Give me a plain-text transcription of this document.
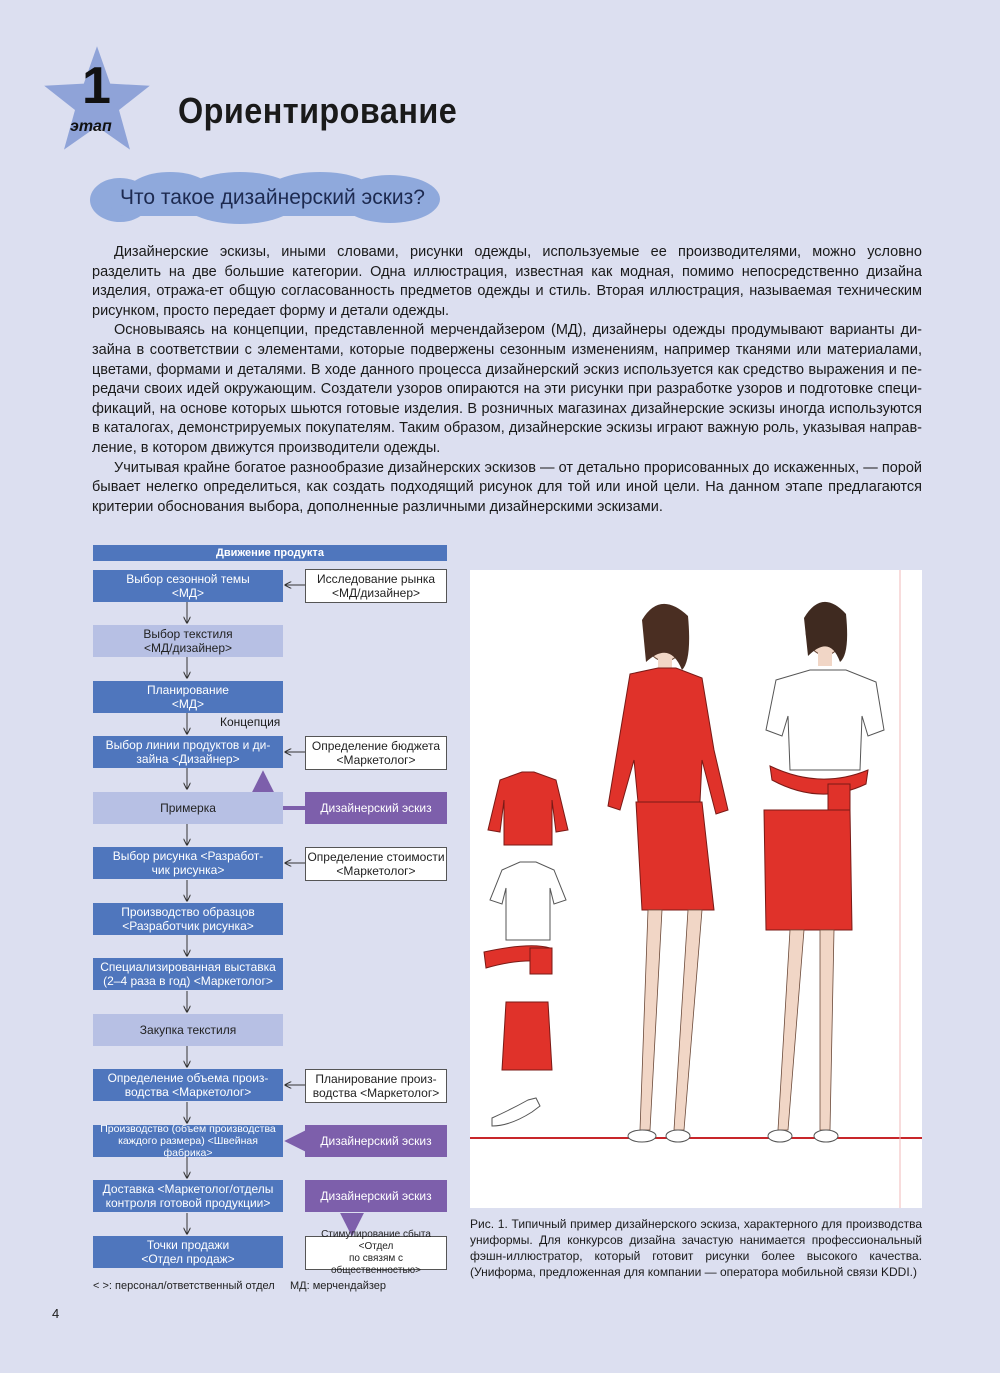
1
этап Ориентирование
Что такое дизайнерский эскиз?

Дизайнерские эскизы, иными словами, рисунки одежды, используемые ее производителями, можно условно разделить на две большие категории. Одна иллюстрация, известная как модная, помимо непосредственно дизайна изделия, отража-ет общую согласованность предметов одежды и стиль. Вторая иллюстрация, называемая техническим рисунком, просто передает форму и детали одежды.

Основываясь на концепции, представленной мерчендайзером (МД), дизайнеры одежды продумывают варианты ди-зайна в соответствии с элементами, которые подвержены сезонным изменениям, например тканями или материалами, цветами, формами и деталями. В ходе данного процесса дизайнерский эскиз используется как средство выражения и пе-редачи своих идей окружающим. Создатели узоров опираются на эти рисунки при разработке узоров и подготовке специ-фикаций, на основе которых шьются готовые изделия. В розничных магазинах дизайнерские эскизы иногда используются в каталогах, демонстрируемых покупателям. Таким образом, дизайнерские эскизы играют важную роль, указывая направ-ление, в котором движутся производители одежды.

Учитывая крайне богатое разнообразие дизайнерских эскизов — от детально прорисованных до искаженных, — порой бывает нелегко определиться, как создать подходящий рисунок для той или иной цели. На данном этапе предлагаются критерии обоснования выбора, дополненные различными дизайнерскими эскизами.

Движение продукта
Выбор сезонной темы
<МД>
Выбор текстиля
<МД/дизайнер>
Планирование
<МД>
Концепция
Выбор линии продуктов и ди-
зайна <Дизайнер>
Примерка
Выбор рисунка <Разработ-
чик рисунка>
Производство образцов
<Разработчик рисунка>
Специализированная выставка
(2–4 раза в год) <Маркетолог>
Закупка текстиля
Определение объема произ-
водства <Маркетолог>
Производство (объем производства
каждого размера) <Швейная фабрика>
Доставка <Маркетолог/отделы
контроля готовой продукции>
Точки продажи
<Отдел продаж>
Исследование рынка
<МД/дизайнер>
Определение бюджета
<Маркетолог>
Дизайнерский эскиз
Определение стоимости
<Маркетолог>
Планирование произ-
водства <Маркетолог>
Дизайнерский эскиз
Дизайнерский эскиз
Стимулирование сбыта <Отдел
по связям с общественностью>
< >: персонал/ответственный отдел     МД: мерчендайзер
Рис. 1. Типичный пример дизайнерского эскиза, характерного для производства униформы. Для конкурсов дизайна зачастую нанимается профессиональный фэшн-иллюстратор, который готовит рисунки более высокого качества. (Униформа, предложенная для компании — оператора мобильной связи KDDI.)
4
